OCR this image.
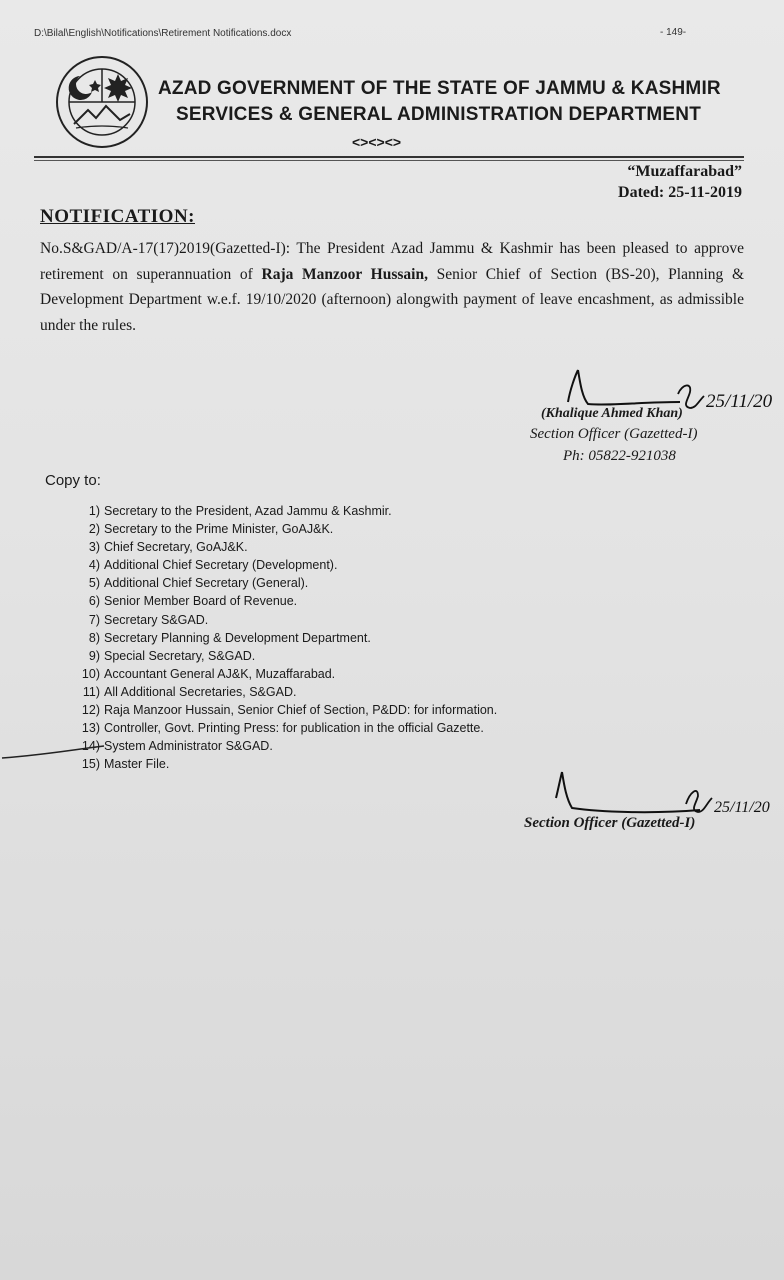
D:\Bilal\English\Notifications\Retirement Notifications.docx	- 149-
AZAD GOVERNMENT OF THE STATE OF JAMMU & KASHMIR
SERVICES & GENERAL ADMINISTRATION DEPARTMENT
<><><>
“Muzaffarabad”
Dated: 25-11-2019
NOTIFICATION:
No.S&GAD/A-17(17)2019(Gazetted-I): The President Azad Jammu & Kashmir has been pleased to approve retirement on superannuation of Raja Manzoor Hussain, Senior Chief of Section (BS-20), Planning & Development Department w.e.f. 19/10/2020 (afternoon) alongwith payment of leave encashment, as admissible under the rules.
25/11/20
(Khalique Ahmed Khan)
Section Officer (Gazetted-I)
Ph: 05822-921038
Copy to:
1) Secretary to the President, Azad Jammu & Kashmir.
2) Secretary to the Prime Minister, GoAJ&K.
3) Chief Secretary, GoAJ&K.
4) Additional Chief Secretary (Development).
5) Additional Chief Secretary (General).
6) Senior Member Board of Revenue.
7) Secretary S&GAD.
8) Secretary Planning & Development Department.
9) Special Secretary, S&GAD.
10) Accountant General AJ&K, Muzaffarabad.
11) All Additional Secretaries, S&GAD.
12) Raja Manzoor Hussain, Senior Chief of Section, P&DD: for information.
13) Controller, Govt. Printing Press: for publication in the official Gazette.
14) System Administrator S&GAD.
15) Master File.
25/11/20
Section Officer (Gazetted-I)
